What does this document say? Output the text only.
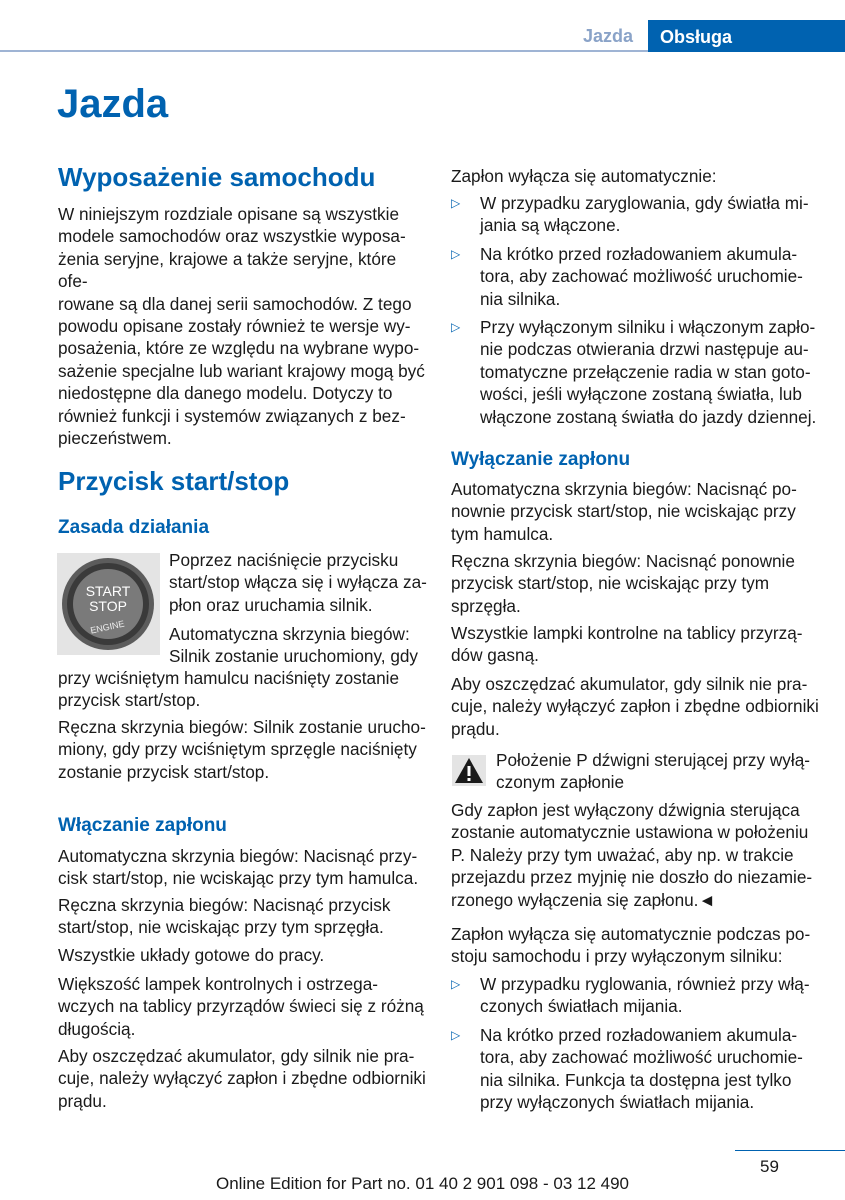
Jazda	Obsługa
Jazda
Wyposażenie samochodu
W niniejszym rozdziale opisane są wszystkie
modele samochodów oraz wszystkie wyposa-
żenia seryjne, krajowe a także seryjne, które ofe-
rowane są dla danej serii samochodów. Z tego
powodu opisane zostały również te wersje wy-
posażenia, które ze względu na wybrane wypo-
sażenie specjalne lub wariant krajowy mogą być
niedostępne dla danego modelu. Dotyczy to
również funkcji i systemów związanych z bez-
pieczeństwem.
Przycisk start/stop
Zasada działania
START
STOP
ENGINE
Poprzez naciśnięcie przycisku
start/stop włącza się i wyłącza za-
płon oraz uruchamia silnik.
Automatyczna skrzynia biegów:
Silnik zostanie uruchomiony, gdy
przy wciśniętym hamulcu naciśnięty zostanie
przycisk start/stop.
Ręczna skrzynia biegów: Silnik zostanie urucho-
miony, gdy przy wciśniętym sprzęgle naciśnięty
zostanie przycisk start/stop.
Włączanie zapłonu
Automatyczna skrzynia biegów: Nacisnąć przy-
cisk start/stop, nie wciskając przy tym hamulca.
Ręczna skrzynia biegów: Nacisnąć przycisk
start/stop, nie wciskając przy tym sprzęgła.
Wszystkie układy gotowe do pracy.
Większość lampek kontrolnych i ostrzega-
wczych na tablicy przyrządów świeci się z różną
długością.
Aby oszczędzać akumulator, gdy silnik nie pra-
cuje, należy wyłączyć zapłon i zbędne odbiorniki
prądu.
Zapłon wyłącza się automatycznie:
▷ W przypadku zaryglowania, gdy światła mi-
jania są włączone.
▷ Na krótko przed rozładowaniem akumula-
tora, aby zachować możliwość uruchomie-
nia silnika.
▷ Przy wyłączonym silniku i włączonym zapło-
nie podczas otwierania drzwi następuje au-
tomatyczne przełączenie radia w stan goto-
wości, jeśli wyłączone zostaną światła, lub
włączone zostaną światła do jazdy dziennej.
Wyłączanie zapłonu
Automatyczna skrzynia biegów: Nacisnąć po-
nownie przycisk start/stop, nie wciskając przy
tym hamulca.
Ręczna skrzynia biegów: Nacisnąć ponownie
przycisk start/stop, nie wciskając przy tym
sprzęgła.
Wszystkie lampki kontrolne na tablicy przyrzą-
dów gasną.
Aby oszczędzać akumulator, gdy silnik nie pra-
cuje, należy wyłączyć zapłon i zbędne odbiorniki
prądu.
Położenie P dźwigni sterującej przy wyłą-
czonym zapłonie
Gdy zapłon jest wyłączony dźwignia sterująca
zostanie automatycznie ustawiona w położeniu
P. Należy przy tym uważać, aby np. w trakcie
przejazdu przez myjnię nie doszło do niezamie-
rzonego wyłączenia się zapłonu.◄
Zapłon wyłącza się automatycznie podczas po-
stoju samochodu i przy wyłączonym silniku:
▷ W przypadku ryglowania, również przy włą-
czonych światłach mijania.
▷ Na krótko przed rozładowaniem akumula-
tora, aby zachować możliwość uruchomie-
nia silnika. Funkcja ta dostępna jest tylko
przy wyłączonych światłach mijania.
59
Online Edition for Part no. 01 40 2 901 098 - 03 12 490
